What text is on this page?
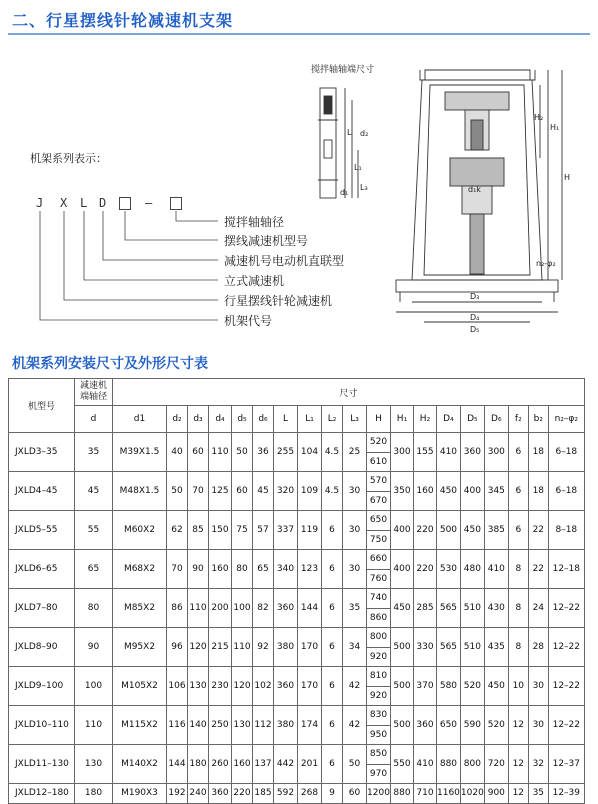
二、行星摆线针轮减速机支架
机架系列表示：
J X L D	–
搅拌轴轴径
摆线减速机型号
减速机号电动机直联型
立式减速机
行星摆线针轮减速机
机架代号
搅拌轴轴端尺寸
d₂
d₁
L
L₁
L₃
H₂
H₁
H
D₃
D₄
D₅
d₁k
n₂-φ₂
机架系列安装尺寸及外形尺寸表
机型号	减速机
端轴径	尺寸																		
	d	d1	d₂	d₃	d₄	d₅	d₆	L	L₁	L₂	L₃	H	H₁	H₂	D₄	D₅	D₆	f₂	b₂	n₂–φ₂
JXLD3–35	35	M39X1.5	40	60	110	50	36	255	104	4.5	25	520	300	155	410	360	300	6	18	6–18
												610								
JXLD4–45	45	M48X1.5	50	70	125	60	45	320	109	4.5	30	570	350	160	450	400	345	6	18	6–18
												670								
JXLD5–55	55	M60X2	62	85	150	75	57	337	119	6	30	650	400	220	500	450	385	6	22	8–18
												750								
JXLD6–65	65	M68X2	70	90	160	80	65	340	123	6	30	660	400	220	530	480	410	8	22	12–18
												760								
JXLD7–80	80	M85X2	86	110	200	100	82	360	144	6	35	740	450	285	565	510	430	8	24	12–22
												860								
JXLD8–90	90	M95X2	96	120	215	110	92	380	170	6	34	800	500	330	565	510	435	8	28	12–22
												920								
JXLD9–100	100	M105X2	106	130	230	120	102	360	170	6	42	810	500	370	580	520	450	10	30	12–22
												920								
JXLD10–110	110	M115X2	116	140	250	130	112	380	174	6	42	830	500	360	650	590	520	12	30	12–22
												950								
JXLD11–130	130	M140X2	144	180	260	160	137	442	201	6	50	850	550	410	880	800	720	12	32	12–37
												970								
JXLD12–180	180	M190X3	192	240	360	220	185	592	268	9	60	1200	880	710	1160	1020	900	12	35	12–39
